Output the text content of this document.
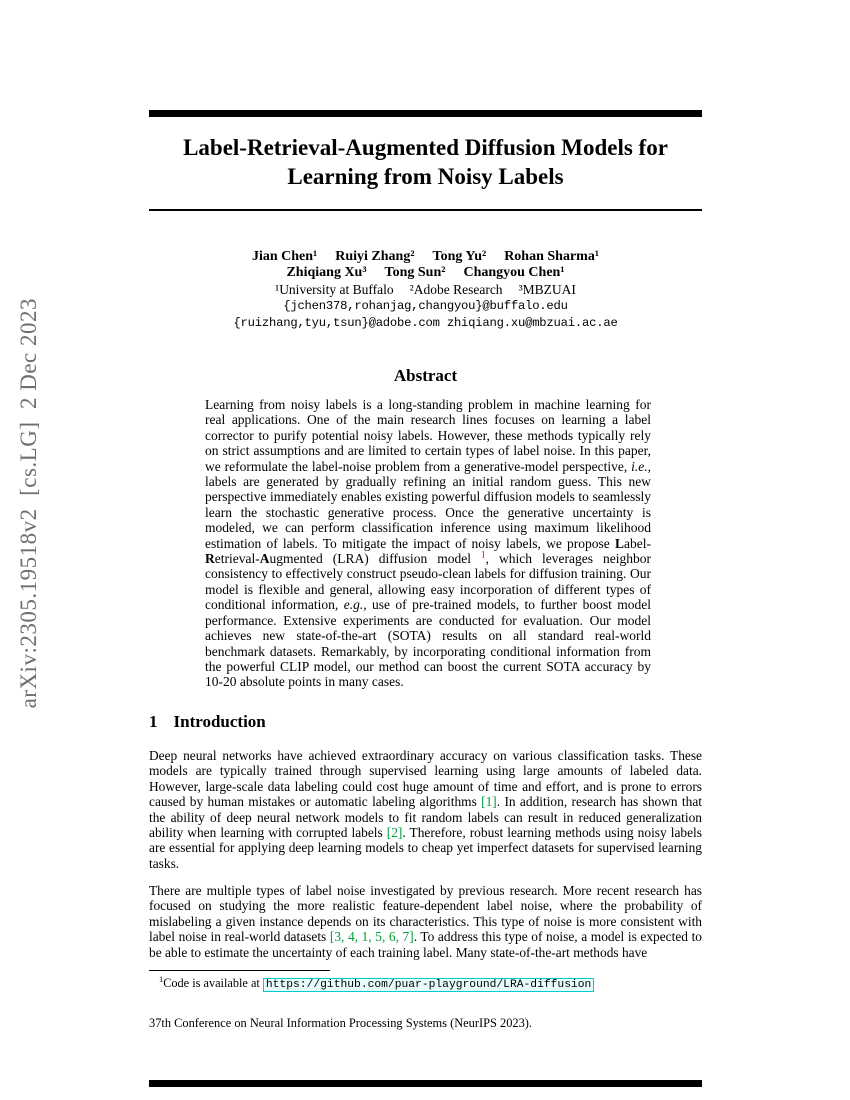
arXiv:2305.19518v2  [cs.LG]  2 Dec 2023
Label-Retrieval-Augmented Diffusion Models for Learning from Noisy Labels
Jian Chen¹ Ruiyi Zhang² Tong Yu² Rohan Sharma¹
Zhiqiang Xu³ Tong Sun² Changyou Chen¹
¹University at Buffalo ²Adobe Research ³MBZUAI
{jchen378,rohanjag,changyou}@buffalo.edu
{ruizhang,tyu,tsun}@adobe.com zhiqiang.xu@mbzuai.ac.ae
Abstract

Learning from noisy labels is a long-standing problem in machine learning for real applications. One of the main research lines focuses on learning a label corrector to purify potential noisy labels. However, these methods typically rely on strict assumptions and are limited to certain types of label noise. In this paper, we reformulate the label-noise problem from a generative-model perspective, i.e., labels are generated by gradually refining an initial random guess. This new perspective immediately enables existing powerful diffusion models to seamlessly learn the stochastic generative process. Once the generative uncertainty is modeled, we can perform classification inference using maximum likelihood estimation of labels. To mitigate the impact of noisy labels, we propose Label-Retrieval-Augmented (LRA) diffusion model $^1$, which leverages neighbor consistency to effectively construct pseudo-clean labels for diffusion training. Our model is flexible and general, allowing easy incorporation of different types of conditional information, e.g., use of pre-trained models, to further boost model performance. Extensive experiments are conducted for evaluation. Our model achieves new state-of-the-art (SOTA) results on all standard real-world benchmark datasets. Remarkably, by incorporating conditional information from the powerful CLIP model, our method can boost the current SOTA accuracy by 10-20 absolute points in many cases.

1 Introduction

Deep neural networks have achieved extraordinary accuracy on various classification tasks. These models are typically trained through supervised learning using large amounts of labeled data. However, large-scale data labeling could cost huge amount of time and effort, and is prone to errors caused by human mistakes or automatic labeling algorithms [1]. In addition, research has shown that the ability of deep neural network models to fit random labels can result in reduced generalization ability when learning with corrupted labels [2]. Therefore, robust learning methods using noisy labels are essential for applying deep learning models to cheap yet imperfect datasets for supervised learning tasks.

There are multiple types of label noise investigated by previous research. More recent research has focused on studying the more realistic feature-dependent label noise, where the probability of mislabeling a given instance depends on its characteristics. This type of noise is more consistent with label noise in real-world datasets [3, 4, 1, 5, 6, 7]. To address this type of noise, a model is expected to be able to estimate the uncertainty of each training label. Many state-of-the-art methods have

$^1$Code is available at https://github.com/puar-playground/LRA-diffusion
37th Conference on Neural Information Processing Systems (NeurIPS 2023).
